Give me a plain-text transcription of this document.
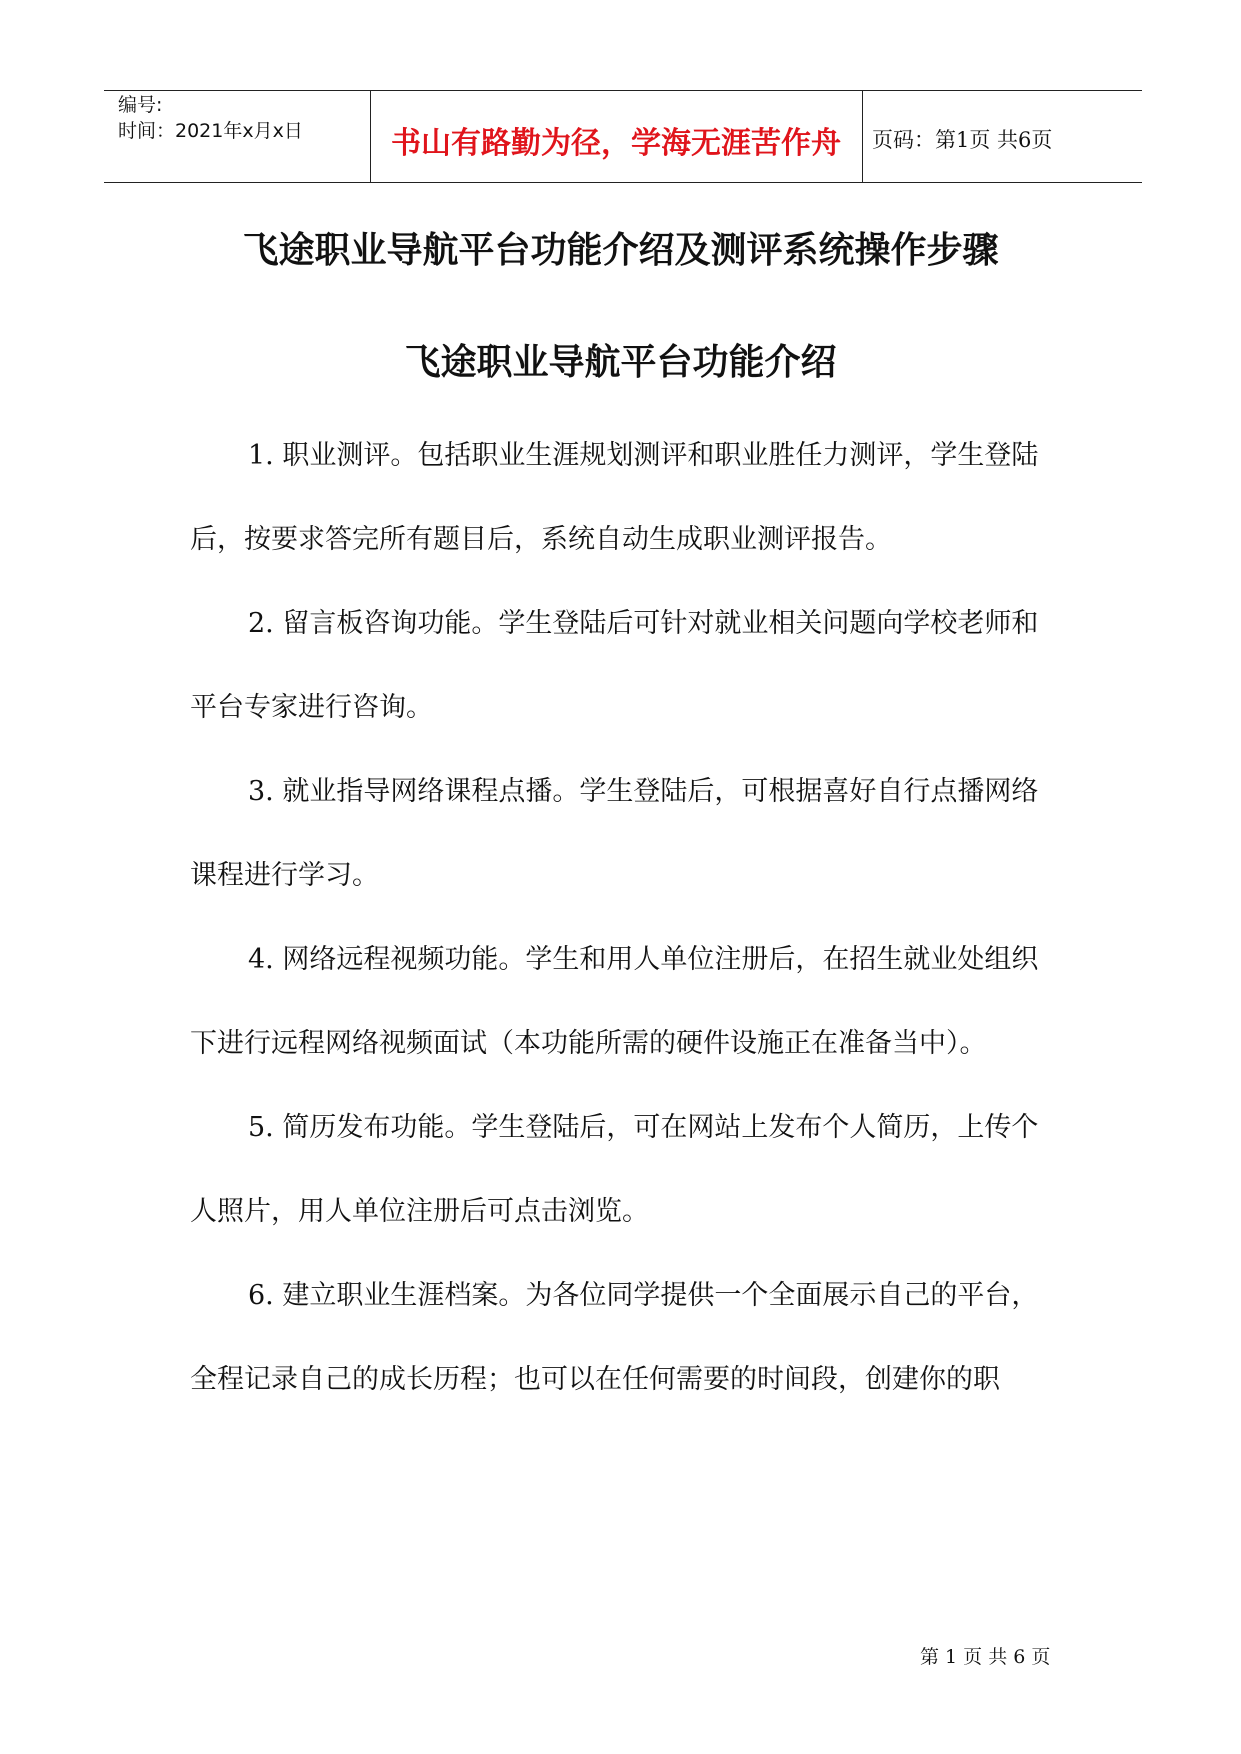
编号:
时间：2021年x月x日	书山有路勤为径，学海无涯苦作舟	页码：第1页 共6页
飞途职业导航平台功能介绍及测评系统操作步骤
飞途职业导航平台功能介绍

1. 职业测评。包括职业生涯规划测评和职业胜任力测评，学生登陆后，按要求答完所有题目后，系统自动生成职业测评报告。

2. 留言板咨询功能。学生登陆后可针对就业相关问题向学校老师和平台专家进行咨询。

3. 就业指导网络课程点播。学生登陆后，可根据喜好自行点播网络课程进行学习。

4. 网络远程视频功能。学生和用人单位注册后，在招生就业处组织下进行远程网络视频面试（本功能所需的硬件设施正在准备当中）。

5. 简历发布功能。学生登陆后，可在网站上发布个人简历，上传个人照片，用人单位注册后可点击浏览。

6. 建立职业生涯档案。为各位同学提供一个全面展示自己的平台，全程记录自己的成长历程；也可以在任何需要的时间段，创建你的职

第 1 页 共 6 页
